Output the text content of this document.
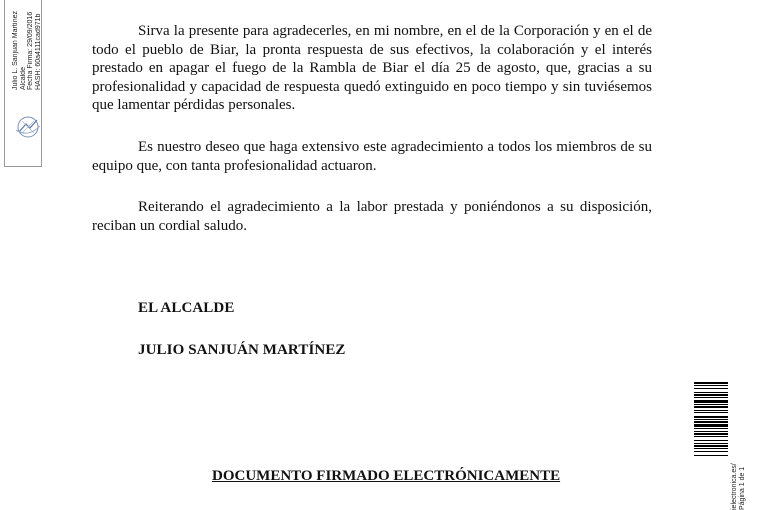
Julio L. Sanjuan Martínez Alcalde Fecha Firma: 29/09/2016 HASH: 60a4111cad971b	Sirva la presente para agradecerles, en mi nombre, en el de la Corporación y en el de todo el pueblo de Biar, la pronta respuesta de sus efectivos, la colaboración y el interés prestado en apagar el fuego de la Rambla de Biar el día 25 de agosto, que, gracias a su profesionalidad y capacidad de respuesta quedó extinguido en poco tiempo y sin tuviésemos que lamentar pérdidas personales.

Es nuestro deseo que haga extensivo este agradecimiento a todos los miembros de su equipo que, con tanta profesionalidad actuaron.

Reiterando el agradecimiento a la labor prestada y poniéndonos a su disposición, reciban un cordial saludo.

EL ALCALDE

JULIO SANJUÁN MARTÍNEZ

DOCUMENTO FIRMADO ELECTRÓNICAMENTE	ielectronica.es/ Página 1 de 1
